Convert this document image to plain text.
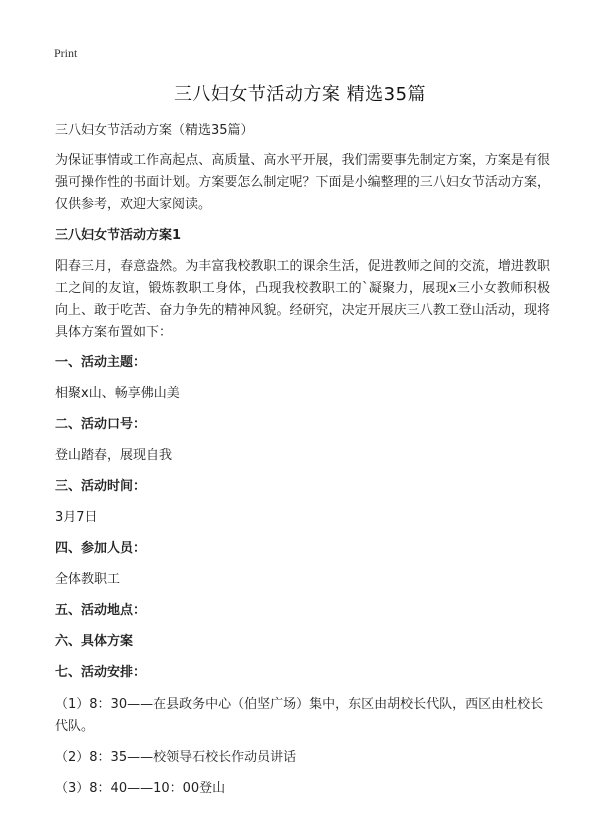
Print
三八妇女节活动方案 精选35篇

三八妇女节活动方案（精选35篇）

为保证事情或工作高起点、高质量、高水平开展，我们需要事先制定方案，方案是有很强可操作性的书面计划。方案要怎么制定呢？下面是小编整理的三八妇女节活动方案，仅供参考，欢迎大家阅读。

三八妇女节活动方案1

阳春三月，春意盎然。为丰富我校教职工的课余生活，促进教师之间的交流，增进教职工之间的友谊，锻炼教职工身体，凸现我校教职工的`凝聚力，展现x三小女教师积极向上、敢于吃苦、奋力争先的精神风貌。经研究，决定开展庆三八教工登山活动，现将具体方案布置如下：

一、活动主题：

相聚x山、畅享佛山美

二、活动口号：

登山踏春，展现自我

三、活动时间：

3月7日

四、参加人员：

全体教职工

五、活动地点：

六、具体方案

七、活动安排：

（1）8：30——在县政务中心（伯坚广场）集中，东区由胡校长代队，西区由杜校长代队。

（2）8：35——校领导石校长作动员讲话

（3）8：40——10：00登山
